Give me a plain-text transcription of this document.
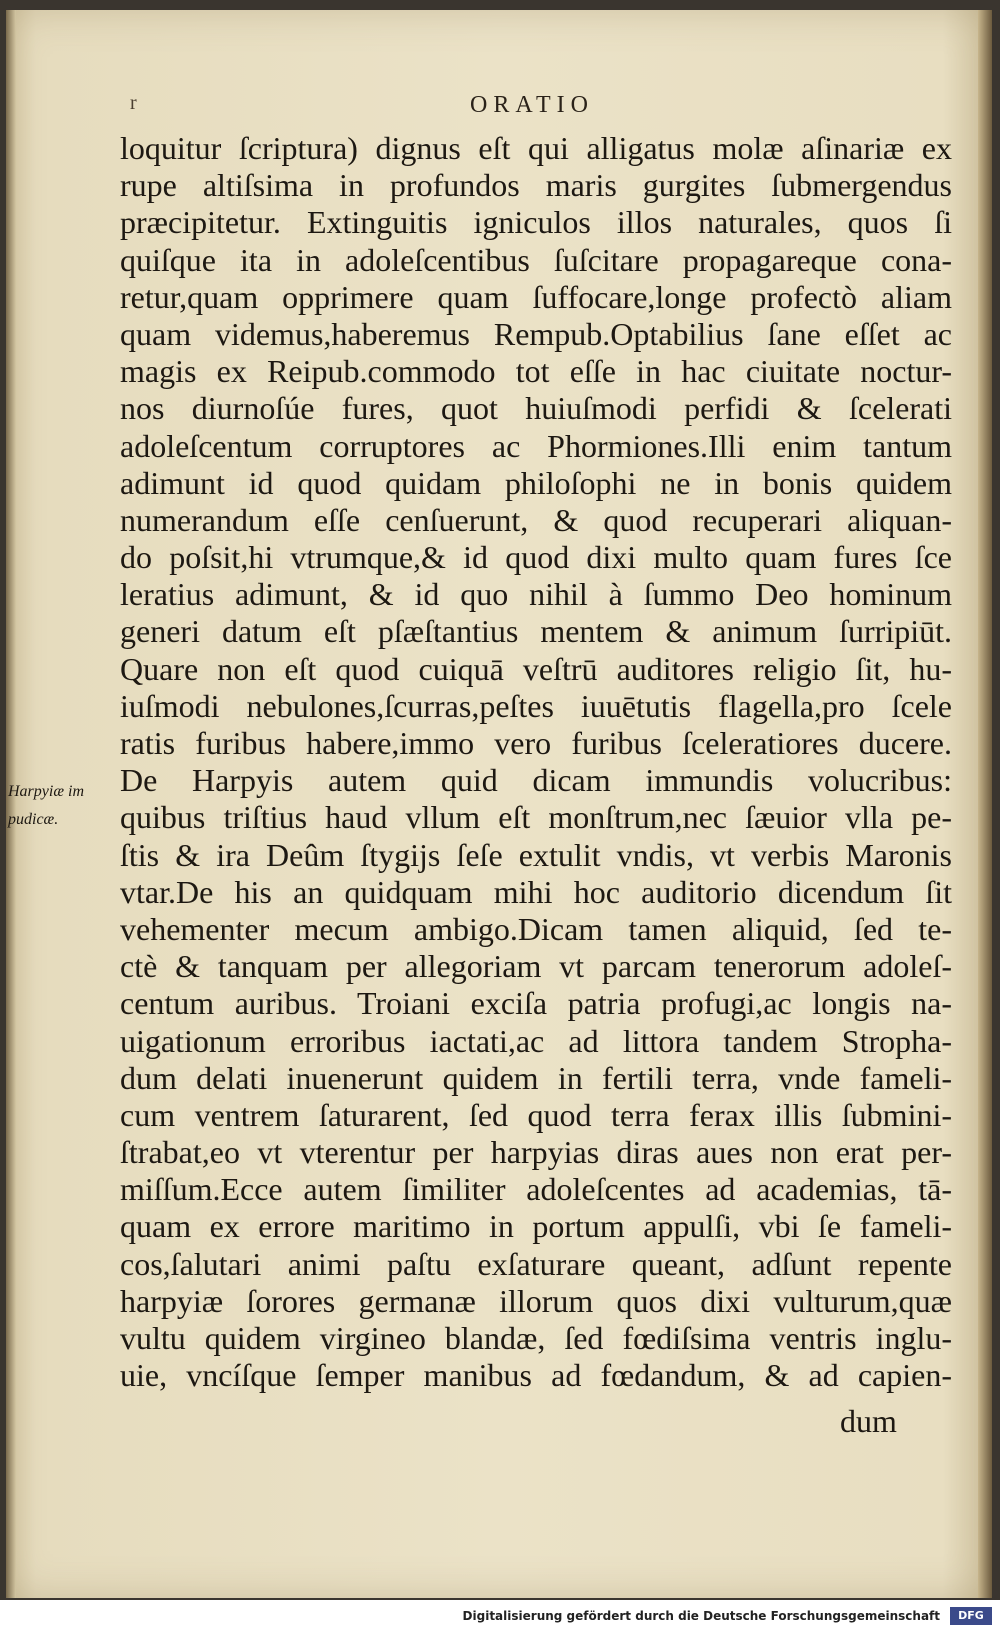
r	ORATIO
Harpyiæ im
pudicæ.
loquitur ſcriptura) dignus eſt qui alligatus molæ aſinariæ ex
rupe altiſsima in profundos maris gurgites ſubmergendus
præcipitetur. Extinguitis igniculos illos naturales, quos ſi
quiſque ita in adoleſcentibus ſuſcitare propagareque cona-
retur,quam opprimere quam ſuffocare,longe profectò aliam
quam videmus,haberemus Rempub.Optabilius ſane eſſet ac
magis ex Reipub.commodo tot eſſe in hac ciuitate noctur-
nos diurnoſúe fures, quot huiuſmodi perfidi & ſcelerati
adoleſcentum corruptores ac Phormiones.Illi enim tantum
adimunt id quod quidam philoſophi ne in bonis quidem
numerandum eſſe cenſuerunt, & quod recuperari aliquan-
do poſsit,hi vtrumque,& id quod dixi multo quam fures ſce
leratius adimunt, & id quo nihil à ſummo Deo hominum
generi datum eſt pſæſtantius mentem & animum ſurripiūt.
Quare non eſt quod cuiquā veſtrū auditores religio ſit, hu-
iuſmodi nebulones,ſcurras,peſtes iuuētutis flagella,pro ſcele
ratis furibus habere,immo vero furibus ſceleratiores ducere.
De Harpyis autem quid dicam immundis volucribus:
quibus triſtius haud vllum eſt monſtrum,nec ſæuior vlla pe-
ſtis & ira Deûm ſtygijs ſeſe extulit vndis, vt verbis Maronis
vtar.De his an quidquam mihi hoc auditorio dicendum ſit
vehementer mecum ambigo.Dicam tamen aliquid, ſed te-
ctè & tanquam per allegoriam vt parcam tenerorum adoleſ-
centum auribus. Troiani exciſa patria profugi,ac longis na-
uigationum erroribus iactati,ac ad littora tandem Stropha-
dum delati inuenerunt quidem in fertili terra, vnde fameli-
cum ventrem ſaturarent, ſed quod terra ferax illis ſubmini-
ſtrabat,eo vt vterentur per harpyias diras aues non erat per-
miſſum.Ecce autem ſimiliter adoleſcentes ad academias, tā-
quam ex errore maritimo in portum appulſi, vbi ſe fameli-
cos,ſalutari animi paſtu exſaturare queant, adſunt repente
harpyiæ ſorores germanæ illorum quos dixi vulturum,quæ
vultu quidem virgineo blandæ, ſed fœdiſsima ventris inglu-
uie, vncíſque ſemper manibus ad fœdandum, & ad capien-
dum
Digitalisierung gefördert durch die Deutsche Forschungsgemeinschaft	DFG
